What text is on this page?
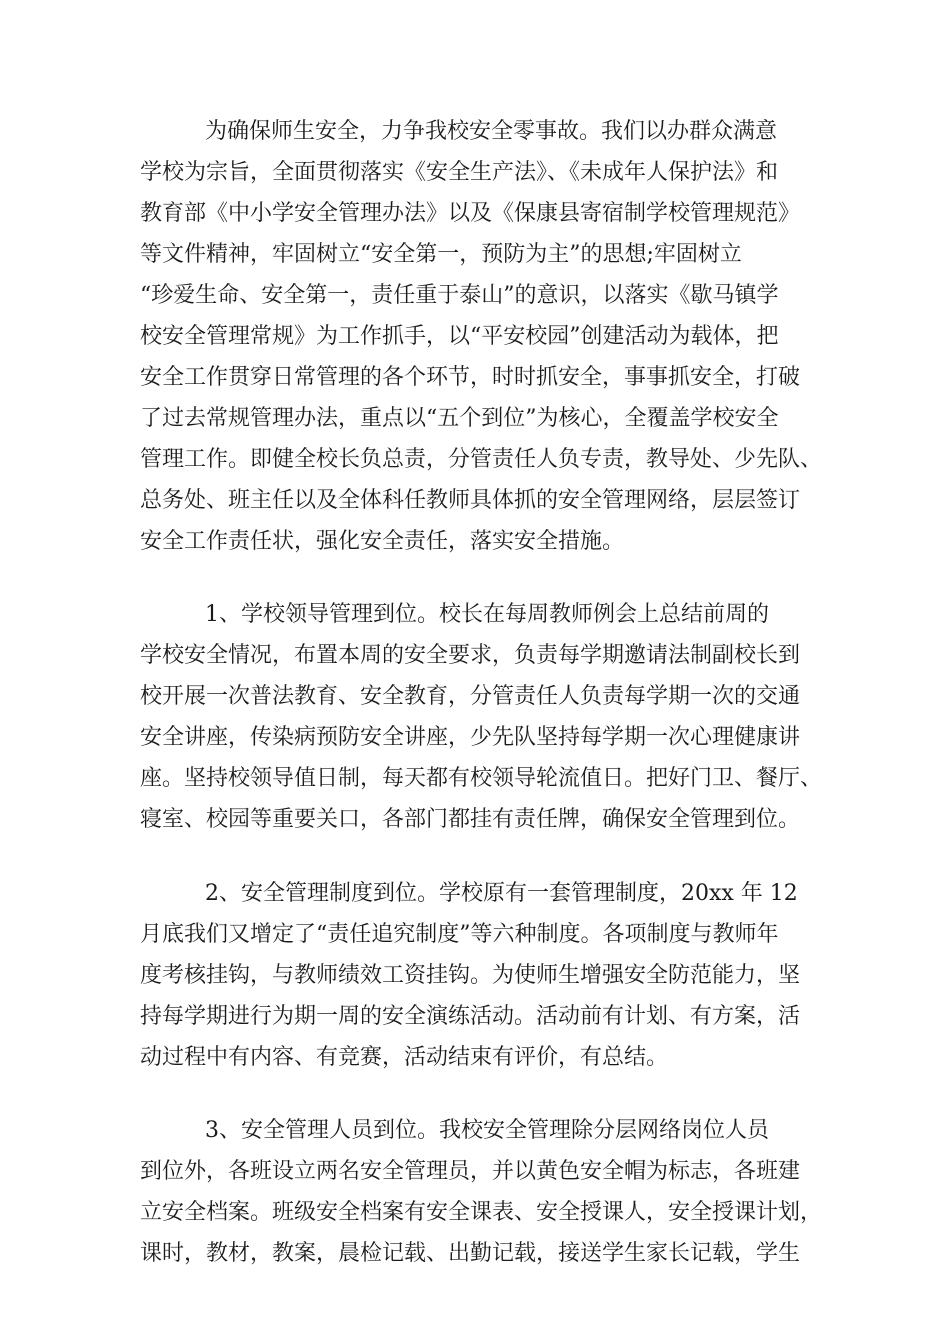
为确保师生安全，力争我校安全零事故。我们以办群众满意
学校为宗旨，全面贯彻落实《安全生产法》、《未成年人保护法》和
教育部《中小学安全管理办法》以及《保康县寄宿制学校管理规范》
等文件精神，牢固树立“安全第一，预防为主”的思想;牢固树立
“珍爱生命、安全第一，责任重于泰山”的意识，以落实《歇马镇学
校安全管理常规》为工作抓手，以“平安校园”创建活动为载体，把
安全工作贯穿日常管理的各个环节，时时抓安全，事事抓安全，打破
了过去常规管理办法，重点以“五个到位”为核心，全覆盖学校安全
管理工作。即健全校长负总责，分管责任人负专责，教导处、少先队、
总务处、班主任以及全体科任教师具体抓的安全管理网络，层层签订
安全工作责任状，强化安全责任，落实安全措施。
1、学校领导管理到位。校长在每周教师例会上总结前周的
学校安全情况，布置本周的安全要求，负责每学期邀请法制副校长到
校开展一次普法教育、安全教育，分管责任人负责每学期一次的交通
安全讲座，传染病预防安全讲座，少先队坚持每学期一次心理健康讲
座。坚持校领导值日制，每天都有校领导轮流值日。把好门卫、餐厅、
寝室、校园等重要关口，各部门都挂有责任牌，确保安全管理到位。
2、安全管理制度到位。学校原有一套管理制度，20xx 年 12
月底我们又增定了“责任追究制度”等六种制度。各项制度与教师年
度考核挂钩，与教师绩效工资挂钩。为使师生增强安全防范能力，坚
持每学期进行为期一周的安全演练活动。活动前有计划、有方案，活
动过程中有内容、有竞赛，活动结束有评价，有总结。
3、安全管理人员到位。我校安全管理除分层网络岗位人员
到位外，各班设立两名安全管理员，并以黄色安全帽为标志，各班建
立安全档案。班级安全档案有安全课表、安全授课人，安全授课计划，
课时，教材，教案，晨检记载、出勤记载，接送学生家长记载，学生
